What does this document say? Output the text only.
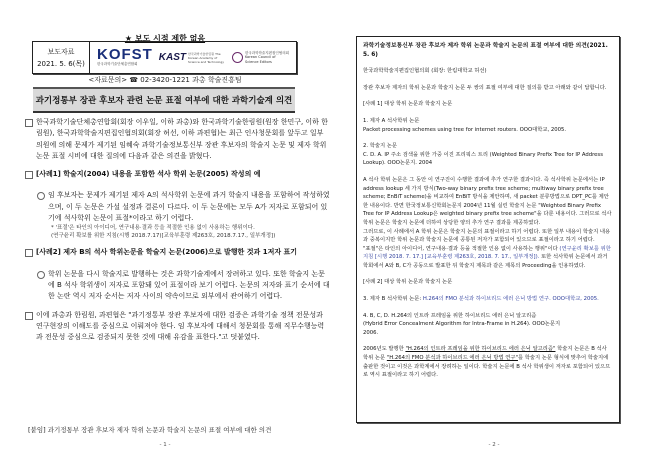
★ 보도 시점 제한 없음
보도자료
2021. 5. 6(목)
KOFST
한국과학기술단체총연합회
KAST 한국과학기술한림원 The Korean Academy of Science and Technology
한국과학학술지편집인협의회 Korean Council of Science Editors
<자료문의> ☎ 02-3420-1221 과총 학술진흥팀
과기정통부 장관 후보자 관련 논문 표절 여부에 대한 과학기술계 의견
한국과학기술단체총연합회(회장 이우일, 이하 과총)와 한국과학기술한림원(원장 한민구, 이하 한림원), 한국과학학술지편집인협의회(회장 허선, 이하 과편협)는 최근 인사청문회를 앞두고 일부 의원에 의해 문제가 제기된 임혜숙 과학기술정보통신부 장관 후보자의 학술지 논문 및 제자 학위논문 표절 시비에 대한 질의에 다음과 같은 의견을 밝혔다.
[사례1] 학술지(2004) 내용을 포함한 석사 학위 논문(2005) 작성의 예
임 후보자는 문제가 제기된 제자 A의 석사학위 논문에 과거 학술지 내용을 포함하여 작성하였으며, 이 두 논문은 가설 설정과 결론이 다르다. 이 두 논문에는 모두 A가 저자로 포함되어 있기에 석사학위 논문이 표절*이라고 하기 어렵다.
* '표절'은 타인의 아이디어, 연구내용·결과 등을 적절한 인용 없이 사용하는 행위이다.
(연구윤리 확보를 위한 지침(시행 2018.7.17)[교육부훈령 제263호, 2018.7.17., 일부개정])
[사례2] 제자 B의 석사 학위논문을 학술지 논문(2006)으로 발행한 것과 1저자 표기
학위 논문을 다시 학술지로 발행하는 것은 과학기술계에서 장려하고 있다. 또한 학술지 논문에 B 석사 학위생이 저자로 포함돼 있어 표절이라 보기 어렵다. 논문의 저자와 표기 순서에 대한 논란 역시 저자 순서는 저자 사이의 약속이므로 외부에서 관여하기 어렵다.
이에 과총과 한림원, 과편협은 "과기정통부 장관 후보자에 대한 검증은 과학기술 정책 전문성과 연구현장의 이해도를 중심으로 이뤄져야 한다. 임 후보자에 대해서 청문회를 통해 직무수행능력과 전문성 중심으로 검증되지 못한 것에 대해 유감을 표한다."고 덧붙였다.
[붙임] 과기정통부 장관 후보자 제자 학위 논문과 학술지 논문의 표절 여부에 대한 의견
- 1 -

과학기술정보통신부 장관 후보자 제자 학위 논문과 학술지 논문의 표절 여부에 대한 의견(2021. 5. 6)

한국과학학술지편집인협의회 (회장: 한림대학교 허선)

장관 후보자 제자의 학위 논문과 학술지 논문 두 쌍의 표절 여부에 대한 질의를 받고 아래와 같이 답합니다.

[사례 1] 대상 학위 논문과 학술지 논문

1. 제자 A 석사학위 논문

Packet processing schemes using tree for internet routers. OOO대학교, 2005.

2. 학술지 논문

C. D. A. IP 주소 검색을 위한 가중 이진 프리픽스 트리 (Weighted Binary Prefix Tree for IP Address Lookup). OOO논문지. 2004

A 석사 학위 논문은 그 동안 이 연구진이 수행한 결과에 추가 연구한 결과이다. 즉 석사학위 논문에서는 IP address lookup 세 가지 방식(Two-way binary prefix tree scheme; multiway binary prefix tree scheme; EnBiT scheme)을 비교하여 EnBiT 방식을 제안하며, 새 packet 분류방법으로 DPT_PC를 제안한 내용이다. 반면 한국정보통신학회논문지 2004년 11월 실린 학술지 논문 "Weighted Binary Prefix Tree for IP Address Lookup은 weighted binary prefix tree scheme"을 다룬 내용이다. 그러므로 석사 학위 논문은 학술지 논문에 더하여 상당한 양의 추가 연구 결과를 제공하였다.

그러므로, 이 사례에서 A 학위 논문은 학술지 논문의 표절이라고 하기 어렵다. 또한 일부 내용이 학술지 내용과 중복이지만 학위 논문과 학술지 논문에 공통된 저자가 포함되어 있으므로 표절이라고 하기 어렵다.

"표절"은 타인의 아이디어, 연구내용·결과 등을 적절한 인용 없이 사용하는 행위"이다 (연구윤리 확보를 위한 지침 [시행 2018. 7. 17.] [교육부훈령 제263호, 2018. 7. 17., 일부개정]). 또한 석사학위 논문에서 과거 학회에서 A와 B, C가 공동으로 발표한 뒤 학술지 제목과 같은 제목의 Proceeding을 인용하였다.

[사례 2] 대상 학위 논문과 학술지 논문

3. 제자 B 석사학위 논문: H.264의 FMO 분석과 하이브리드 에러 은닉 방법 연구. OOO대학교, 2005.

4. B, C, D. H.264의 인트라 프레임을 위한 하이브리드 에러 은닉 알고리즘

(Hybrid Error Concealment Algorithm for Intra-Frame in H.264). OOO논문지

2006.

2006년도 발행한 "H.264의 인트라 프레임을 위한 하이브리드 에러 은닉 알고리즘" 학술지 논문은 B 석사 학위 논문 "H.264의 FMO 분석과 하이브리드 에러 은닉 방법 연구"를 학술지 논문 형식에 맞추어 학술지에 출판한 것이고 이것은 과학계에서 장려하는 일이다. 학술지 논문에 B 석사 학위생이 저자로 포함되어 있으므로 역시 표절이라고 하기 어렵다.

- 2 -
